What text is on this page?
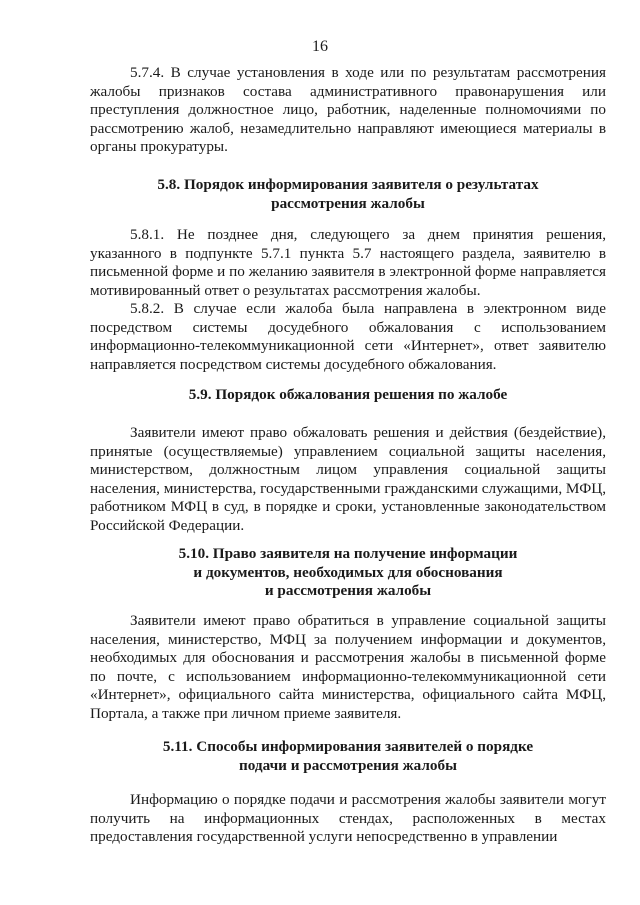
16
5.7.4. В случае установления в ходе или по результатам рассмотрения жалобы признаков состава административного правонарушения или преступления должностное лицо, работник, наделенные полномочиями по рассмотрению жалоб, незамедлительно направляют имеющиеся материалы в органы прокуратуры.
5.8. Порядок информирования заявителя о результатах
рассмотрения жалобы
5.8.1. Не позднее дня, следующего за днем принятия решения, указанного в подпункте 5.7.1 пункта 5.7 настоящего раздела, заявителю в письменной форме и по желанию заявителя в электронной форме направляется мотивированный ответ о результатах рассмотрения жалобы.
5.8.2. В случае если жалоба была направлена в электронном виде посредством системы досудебного обжалования с использованием информационно-телекоммуникационной сети «Интернет», ответ заявителю направляется посредством системы досудебного обжалования.
5.9. Порядок обжалования решения по жалобе
Заявители имеют право обжаловать решения и действия (бездействие), принятые (осуществляемые) управлением социальной защиты населения, министерством, должностным лицом управления социальной защиты населения, министерства, государственными гражданскими служащими, МФЦ, работником МФЦ в суд, в порядке и сроки, установленные законодательством Российской Федерации.
5.10. Право заявителя на получение информации
и документов, необходимых для обоснования
и рассмотрения жалобы
Заявители имеют право обратиться в управление социальной защиты населения, министерство, МФЦ за получением информации и документов, необходимых для обоснования и рассмотрения жалобы в письменной форме по почте, с использованием информационно-телекоммуникационной сети «Интернет», официального сайта министерства, официального сайта МФЦ, Портала, а также при личном приеме заявителя.
5.11. Способы информирования заявителей о порядке
подачи и рассмотрения жалобы
Информацию о порядке подачи и рассмотрения жалобы заявители могут получить на информационных стендах, расположенных в местах предоставления государственной услуги непосредственно в управлении
